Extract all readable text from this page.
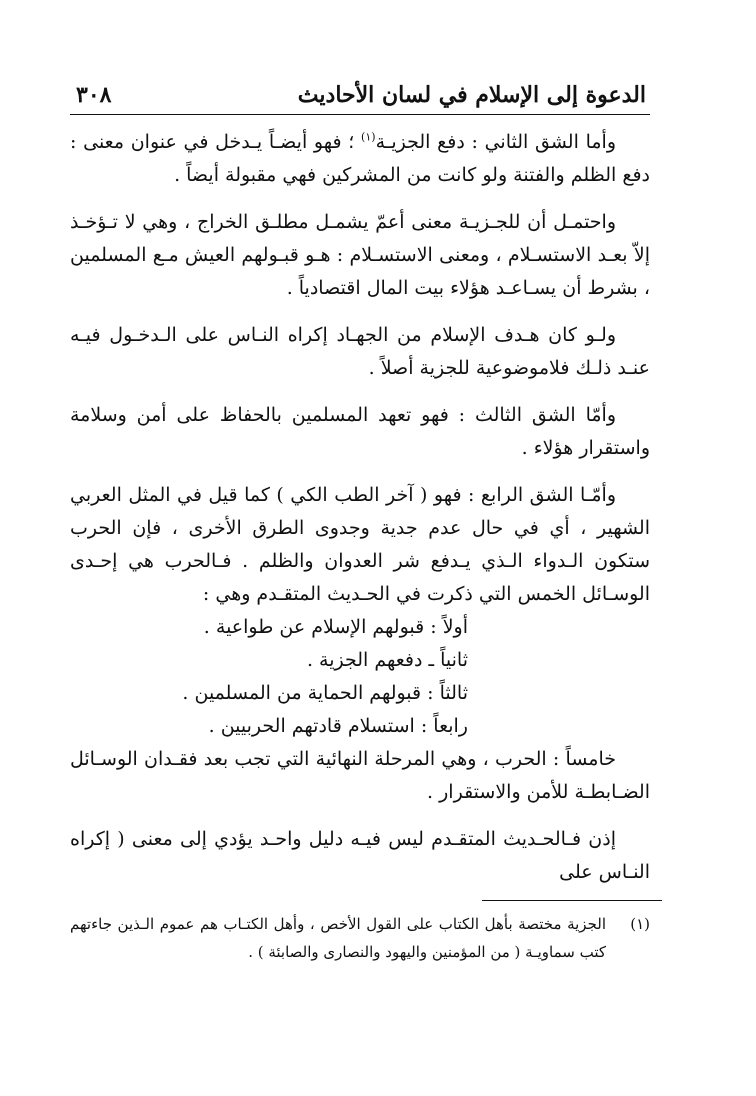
الدعوة إلى الإسلام في لسان الأحاديث
٣٠٨

وأما الشق الثاني : دفع الجزيـة$^{(١)}$ ؛ فهو أيضـاً يـدخل في عنوان معنى : دفع الظلم والفتنة ولو كانت من المشركين فهي مقبولة أيضاً .

واحتمـل أن للجـزيـة معنى أعمّ يشمـل مطلـق الخراج ، وهي لا تـؤخـذ إلاّ بعـد الاستسـلام ، ومعنى الاستسـلام : هـو قبـولهم العيش مـع المسلمين ، بشرط أن يسـاعـد هؤلاء بيت المال اقتصادياً .

ولـو كان هـدف الإسلام من الجهـاد إكراه النـاس على الـدخـول فيـه عنـد ذلـك فلاموضوعية للجزية أصلاً .

وأمّا الشق الثالث : فهو تعهد المسلمين بالحفاظ على أمن وسلامة واستقرار هؤلاء .

وأمّـا الشق الرابع : فهو ( آخر الطب الكي ) كما قيل في المثل العربي الشهير ، أي في حال عدم جدية وجدوى الطرق الأخرى ، فإن الحرب ستكون الـدواء الـذي يـدفع شر العدوان والظلم . فـالحرب هي إحـدى الوسـائل الخمس التي ذكرت في الحـديث المتقـدم وهي :

أولاً : قبولهم الإسلام عن طواعية .

ثانياً ـ دفعهم الجزية .

ثالثاً : قبولهم الحماية من المسلمين .

رابعاً : استسلام قادتهم الحربيين .

خامساً : الحرب ، وهي المرحلة النهائية التي تجب بعد فقـدان الوسـائل الضـابطـة للأمن والاستقرار .

إذن فـالحـديث المتقـدم ليس فيـه دليل واحـد يؤدي إلى معنى ( إكراه النـاس على

(١)

الجزية مختصة بأهل الكتاب على القول الأخص ، وأهل الكتـاب هم عموم الـذين جاءتهم كتب سماويـة ( من المؤمنين واليهود والنصارى والصابئة ) .
